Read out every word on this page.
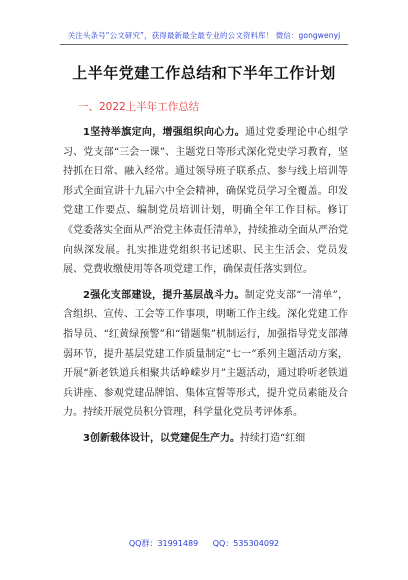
关注头条号“公文研究”，获得最新最全最专业的公文资料库！ 微信：gongwenyj
上半年党建工作总结和下半年工作计划
一、2022上半年工作总结

1坚持举旗定向，增强组织向心力。通过党委理论中心组学习、党支部“三会一课”、主题党日等形式深化党史学习教育，坚持抓在日常、融入经常。通过领导班子联系点、参与线上培训等形式全面宣讲十九届六中全会精神，确保党员学习全覆盖。印发党建工作要点、编制党员培训计划，明确全年工作目标。修订《党委落实全面从严治党主体责任清单》，持续推动全面从严治党向纵深发展。扎实推进党组织书记述职、民主生活会、党员发展、党费收缴使用等各项党建工作，确保责任落实到位。

2强化支部建设，提升基层战斗力。制定党支部“一清单”，含组织、宣传、工会等工作事项，明晰工作主线。深化党建工作指导员、“红黄绿预警”和“错题集”机制运行，加强指导党支部薄弱环节，提升基层党建工作质量制定“七一”系列主题活动方案，开展“新老铁道兵相聚共话峥嵘岁月”主题活动，通过聆听老铁道兵讲座、参观党建品牌馆、集体宣誓等形式，提升党员素能及合力。持续开展党员积分管理，科学量化党员考评体系。

3创新载体设计，以党建促生产力。持续打造“红细

QQ群：31991489 QQ：535304092
